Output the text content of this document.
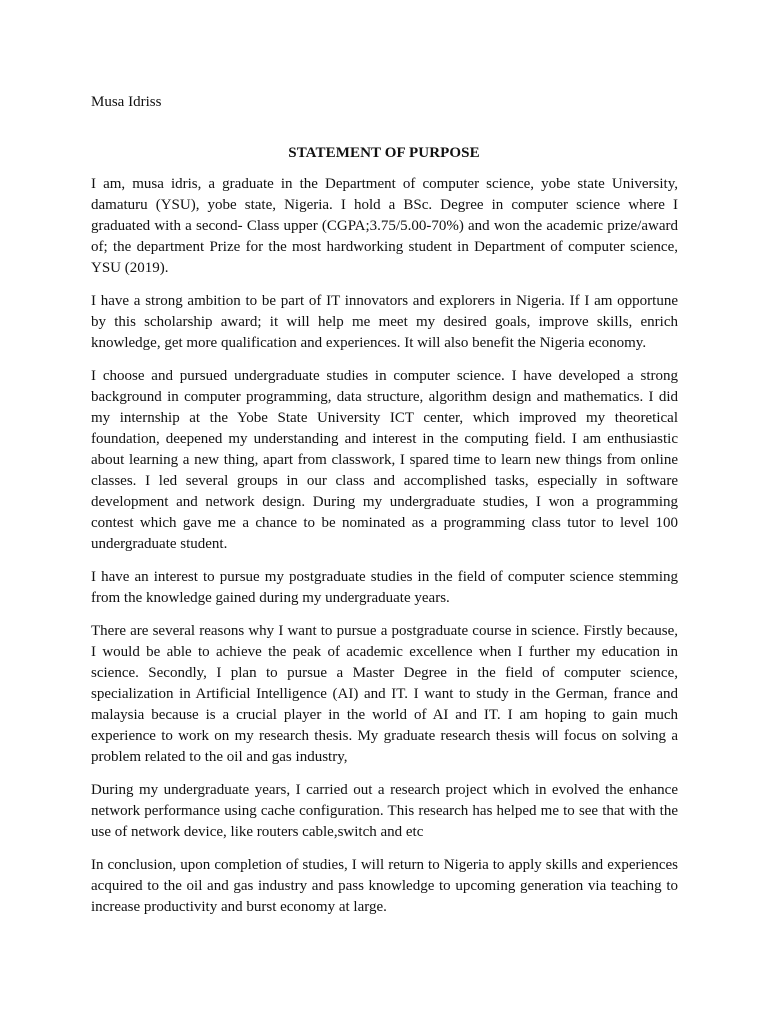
Musa Idriss
STATEMENT OF PURPOSE

I am, musa idris, a graduate in the Department of computer science, yobe state University, damaturu (YSU), yobe state, Nigeria. I hold a BSc. Degree in computer science where I graduated with a second- Class upper (CGPA;3.75/5.00-70%) and won the academic prize/award of; the department Prize for the most hardworking student in Department of computer science, YSU (2019).

I have a strong ambition to be part of IT innovators and explorers in Nigeria. If I am opportune by this scholarship award; it will help me meet my desired goals, improve skills, enrich knowledge, get more qualification and experiences. It will also benefit the Nigeria economy.

I choose and pursued undergraduate studies in computer science. I have developed a strong background in computer programming, data structure, algorithm design and mathematics. I did my internship at the Yobe State University ICT center, which improved my theoretical foundation, deepened my understanding and interest in the computing field. I am enthusiastic about learning a new thing, apart from classwork, I spared time to learn new things from online classes. I led several groups in our class and accomplished tasks, especially in software development and network design. During my undergraduate studies, I won a programming contest which gave me a chance to be nominated as a programming class tutor to level 100 undergraduate student.

I have an interest to pursue my postgraduate studies in the field of computer science stemming from the knowledge gained during my undergraduate years.

There are several reasons why I want to pursue a postgraduate course in science. Firstly because, I would be able to achieve the peak of academic excellence when I further my education in science. Secondly, I plan to pursue a Master Degree in the field of computer science, specialization in Artificial Intelligence (AI) and IT. I want to study in the German, france and malaysia because is a crucial player in the world of AI and IT. I am hoping to gain much experience to work on my research thesis. My graduate research thesis will focus on solving a problem related to the oil and gas industry,

During my undergraduate years, I carried out a research project which in evolved the enhance network performance using cache configuration. This research has helped me to see that with the use of network device, like routers cable,switch and etc

In conclusion, upon completion of studies, I will return to Nigeria to apply skills and experiences acquired to the oil and gas industry and pass knowledge to upcoming generation via teaching to increase productivity and burst economy at large.
